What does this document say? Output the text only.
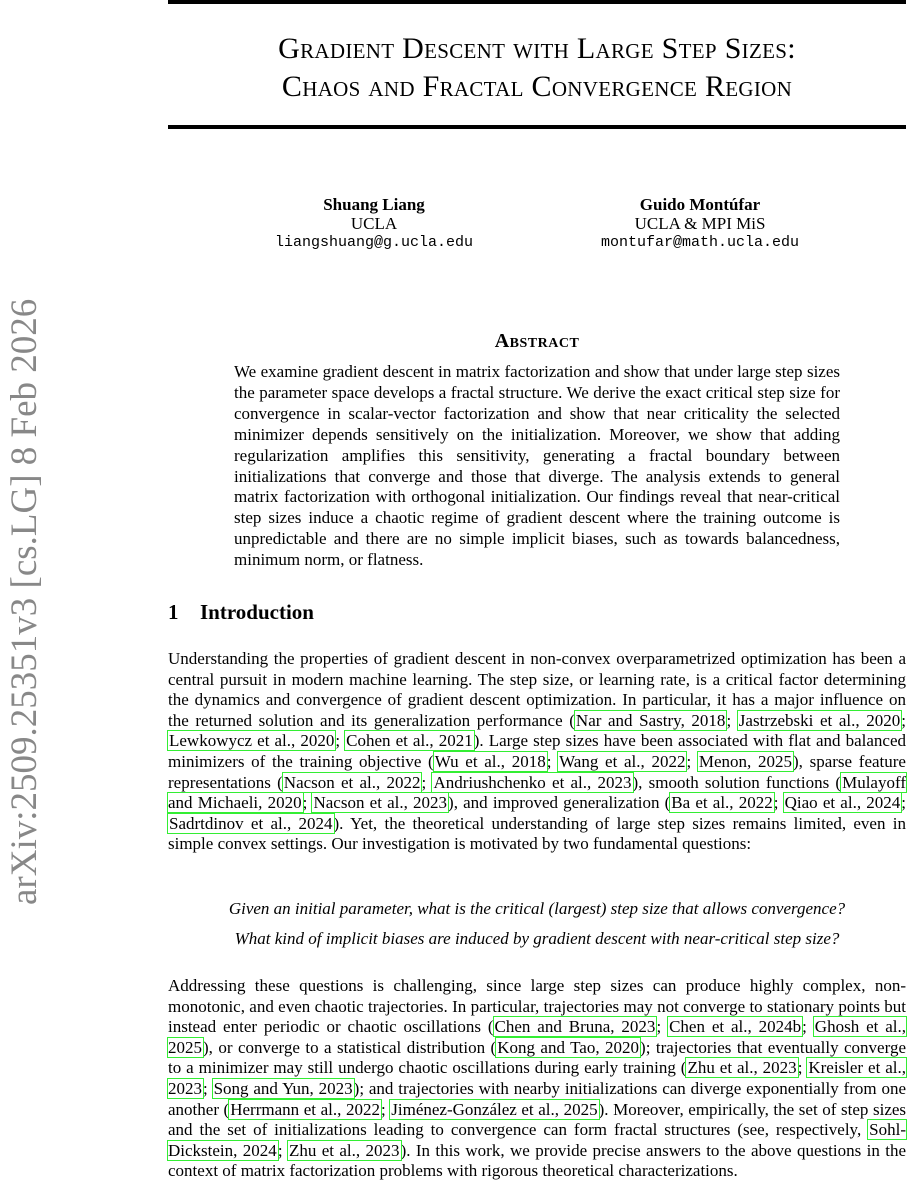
Gradient Descent with Large Step Sizes:
Chaos and Fractal Convergence Region
Shuang Liang
UCLA
liangshuang@g.ucla.edu
Guido Montúfar
UCLA & MPI MiS
montufar@math.ucla.edu
arXiv:2509.25351v3 [cs.LG] 8 Feb 2026	Abstract
We examine gradient descent in matrix factorization and show that under large step sizes the parameter space develops a fractal structure. We derive the exact critical step size for convergence in scalar-vector factorization and show that near criticality the selected minimizer depends sensitively on the initialization. Moreover, we show that adding regularization amplifies this sensitivity, generating a fractal boundary between initializations that converge and those that diverge. The analysis extends to general matrix factorization with orthogonal initialization. Our findings reveal that near-critical step sizes induce a chaotic regime of gradient descent where the training outcome is unpredictable and there are no simple implicit biases, such as towards balancedness, minimum norm, or flatness.
1 Introduction
Understanding the properties of gradient descent in non-convex overparametrized optimization has been a central pursuit in modern machine learning. The step size, or learning rate, is a critical factor determining the dynamics and convergence of gradient descent optimization. In particular, it has a major influence on the returned solution and its generalization performance (Nar and Sastry, 2018; Jastrzebski et al., 2020; Lewkowycz et al., 2020; Cohen et al., 2021). Large step sizes have been associated with flat and balanced minimizers of the training objective (Wu et al., 2018; Wang et al., 2022; Menon, 2025), sparse feature representations (Nacson et al., 2022; Andriushchenko et al., 2023), smooth solution functions (Mulayoff and Michaeli, 2020; Nacson et al., 2023), and improved generalization (Ba et al., 2022; Qiao et al., 2024; Sadrtdinov et al., 2024). Yet, the theoretical understanding of large step sizes remains limited, even in simple convex settings. Our investigation is motivated by two fundamental questions:
Given an initial parameter, what is the critical (largest) step size that allows convergence?
What kind of implicit biases are induced by gradient descent with near-critical step size?
Addressing these questions is challenging, since large step sizes can produce highly complex, non-monotonic, and even chaotic trajectories. In particular, trajectories may not converge to stationary points but instead enter periodic or chaotic oscillations (Chen and Bruna, 2023; Chen et al., 2024b; Ghosh et al., 2025), or converge to a statistical distribution (Kong and Tao, 2020); trajectories that eventually converge to a minimizer may still undergo chaotic oscillations during early training (Zhu et al., 2023; Kreisler et al., 2023; Song and Yun, 2023); and trajectories with nearby initializations can diverge exponentially from one another (Herrmann et al., 2022; Jiménez-González et al., 2025). Moreover, empirically, the set of step sizes and the set of initializations leading to convergence can form fractal structures (see, respectively, Sohl-Dickstein, 2024; Zhu et al., 2023). In this work, we provide precise answers to the above questions in the context of matrix factorization problems with rigorous theoretical characterizations.
